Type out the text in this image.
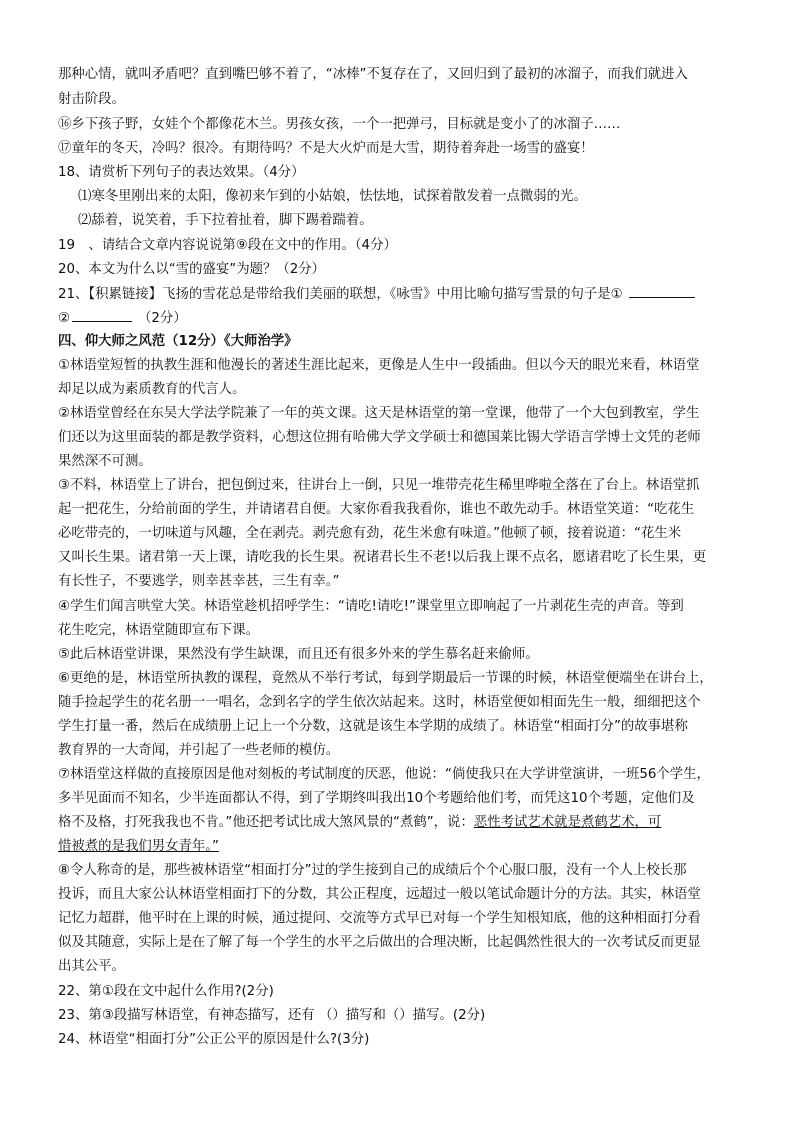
那种心情，就叫矛盾吧？直到嘴巴够不着了，“冰棒”不复存在了，又回归到了最初的冰溜子，而我们就进入
射击阶段。
⑯乡下孩子野，女娃个个都像花木兰。男孩女孩，一个一把弹弓，目标就是变小了的冰溜子……
⑰童年的冬天，冷吗？很冷。有期待吗？不是大火炉而是大雪，期待着奔赴一场雪的盛宴！
18、请赏析下列句子的表达效果。（4分）
⑴寒冬里刚出来的太阳，像初来乍到的小姑娘，怯怯地，试探着散发着一点微弱的光。
⑵舔着，说笑着，手下拉着扯着，脚下踢着踹着。
19　、请结合文章内容说说第⑨段在文中的作用。（4分）
20、本文为什么以“雪的盛宴”为题？（2分）
21、【积累链接】飞扬的雪花总是带给我们美丽的联想，《咏雪》中用比喻句描写雪景的句子是①
②	（2分）
四、仰大师之风范（12分）《大师治学》
①林语堂短暂的执教生涯和他漫长的著述生涯比起来，更像是人生中一段插曲。但以今天的眼光来看，林语堂
却足以成为素质教育的代言人。
②林语堂曾经在东吴大学法学院兼了一年的英文课。这天是林语堂的第一堂课，他带了一个大包到教室，学生
们还以为这里面装的都是教学资料，心想这位拥有哈佛大学文学硕士和德国莱比锡大学语言学博士文凭的老师
果然深不可测。
③不料，林语堂上了讲台，把包倒过来，往讲台上一倒，只见一堆带壳花生稀里哗啦全落在了台上。林语堂抓
起一把花生，分给前面的学生，并请诸君自便。大家你看我我看你，谁也不敢先动手。林语堂笑道：“吃花生
必吃带壳的，一切味道与风趣，全在剥壳。剥壳愈有劲，花生米愈有味道。”他顿了顿，接着说道：“花生米
又叫长生果。诸君第一天上课，请吃我的长生果。祝诸君长生不老!以后我上课不点名，愿诸君吃了长生果，更
有长性子，不要逃学，则幸甚幸甚，三生有幸。”
④学生们闻言哄堂大笑。林语堂趁机招呼学生：“请吃!请吃!”课堂里立即响起了一片剥花生壳的声音。等到
花生吃完，林语堂随即宣布下课。
⑤此后林语堂讲课，果然没有学生缺课，而且还有很多外来的学生慕名赶来偷师。
⑥更绝的是，林语堂所执教的课程，竟然从不举行考试，每到学期最后一节课的时候，林语堂便端坐在讲台上，
随手捡起学生的花名册一一唱名，念到名字的学生依次站起来。这时，林语堂便如相面先生一般，细细把这个
学生打量一番，然后在成绩册上记上一个分数，这就是该生本学期的成绩了。林语堂“相面打分”的故事堪称
教育界的一大奇闻，并引起了一些老师的模仿。
⑦林语堂这样做的直接原因是他对刻板的考试制度的厌恶，他说：“倘使我只在大学讲堂演讲，一班56个学生，
多半见面而不知名，少半连面都认不得，到了学期终叫我出10个考题给他们考，而凭这10个考题，定他们及
格不及格，打死我我也不肯。”他还把考试比成大煞风景的“煮鹤”，说：恶性考试艺术就是煮鹤艺术，可
惜被煮的是我们男女青年。”
⑧令人称奇的是，那些被林语堂“相面打分”过的学生接到自己的成绩后个个心服口服，没有一个人上校长那
投诉，而且大家公认林语堂相面打下的分数，其公正程度，远超过一般以笔试命题计分的方法。其实，林语堂
记忆力超群，他平时在上课的时候，通过提问、交流等方式早已对每一个学生知根知底，他的这种相面打分看
似及其随意，实际上是在了解了每一个学生的水平之后做出的合理决断，比起偶然性很大的一次考试反而更显
出其公平。
22、第①段在文中起什么作用?(2分)
23、第③段描写林语堂，有神态描写，还有 （）描写和（）描写。(2分)
24、林语堂“相面打分”公正公平的原因是什么?(3分)
